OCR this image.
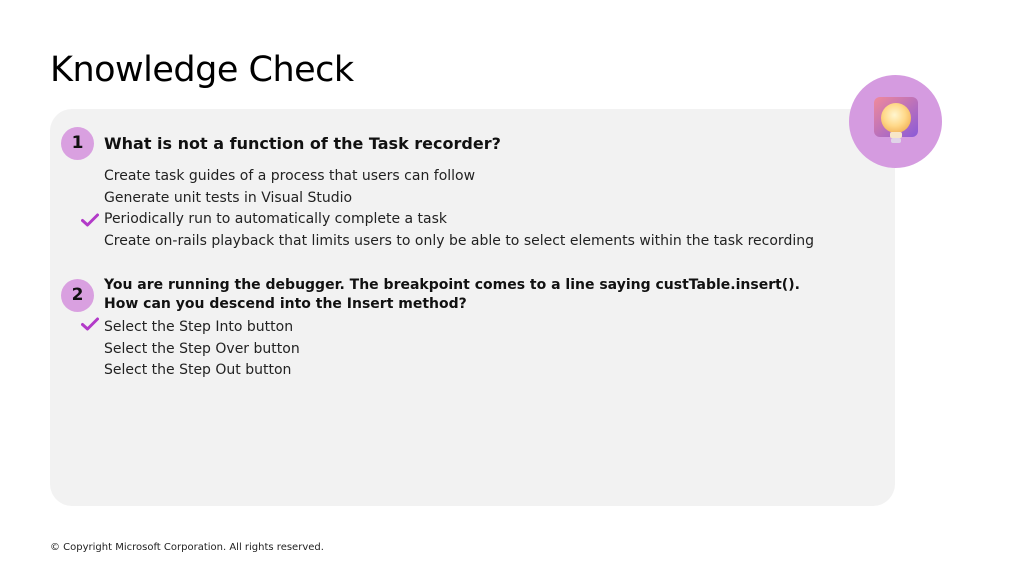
Knowledge Check
1	What is not a function of the Task recorder?
Create task guides of a process that users can follow
Generate unit tests in Visual Studio
Periodically run to automatically complete a task
Create on-rails playback that limits users to only be able to select elements within the task recording
2	You are running the debugger. The breakpoint comes to a line saying custTable.insert(). How can you descend into the Insert method?
Select the Step Into button
Select the Step Over button
Select the Step Out button
© Copyright Microsoft Corporation. All rights reserved.
